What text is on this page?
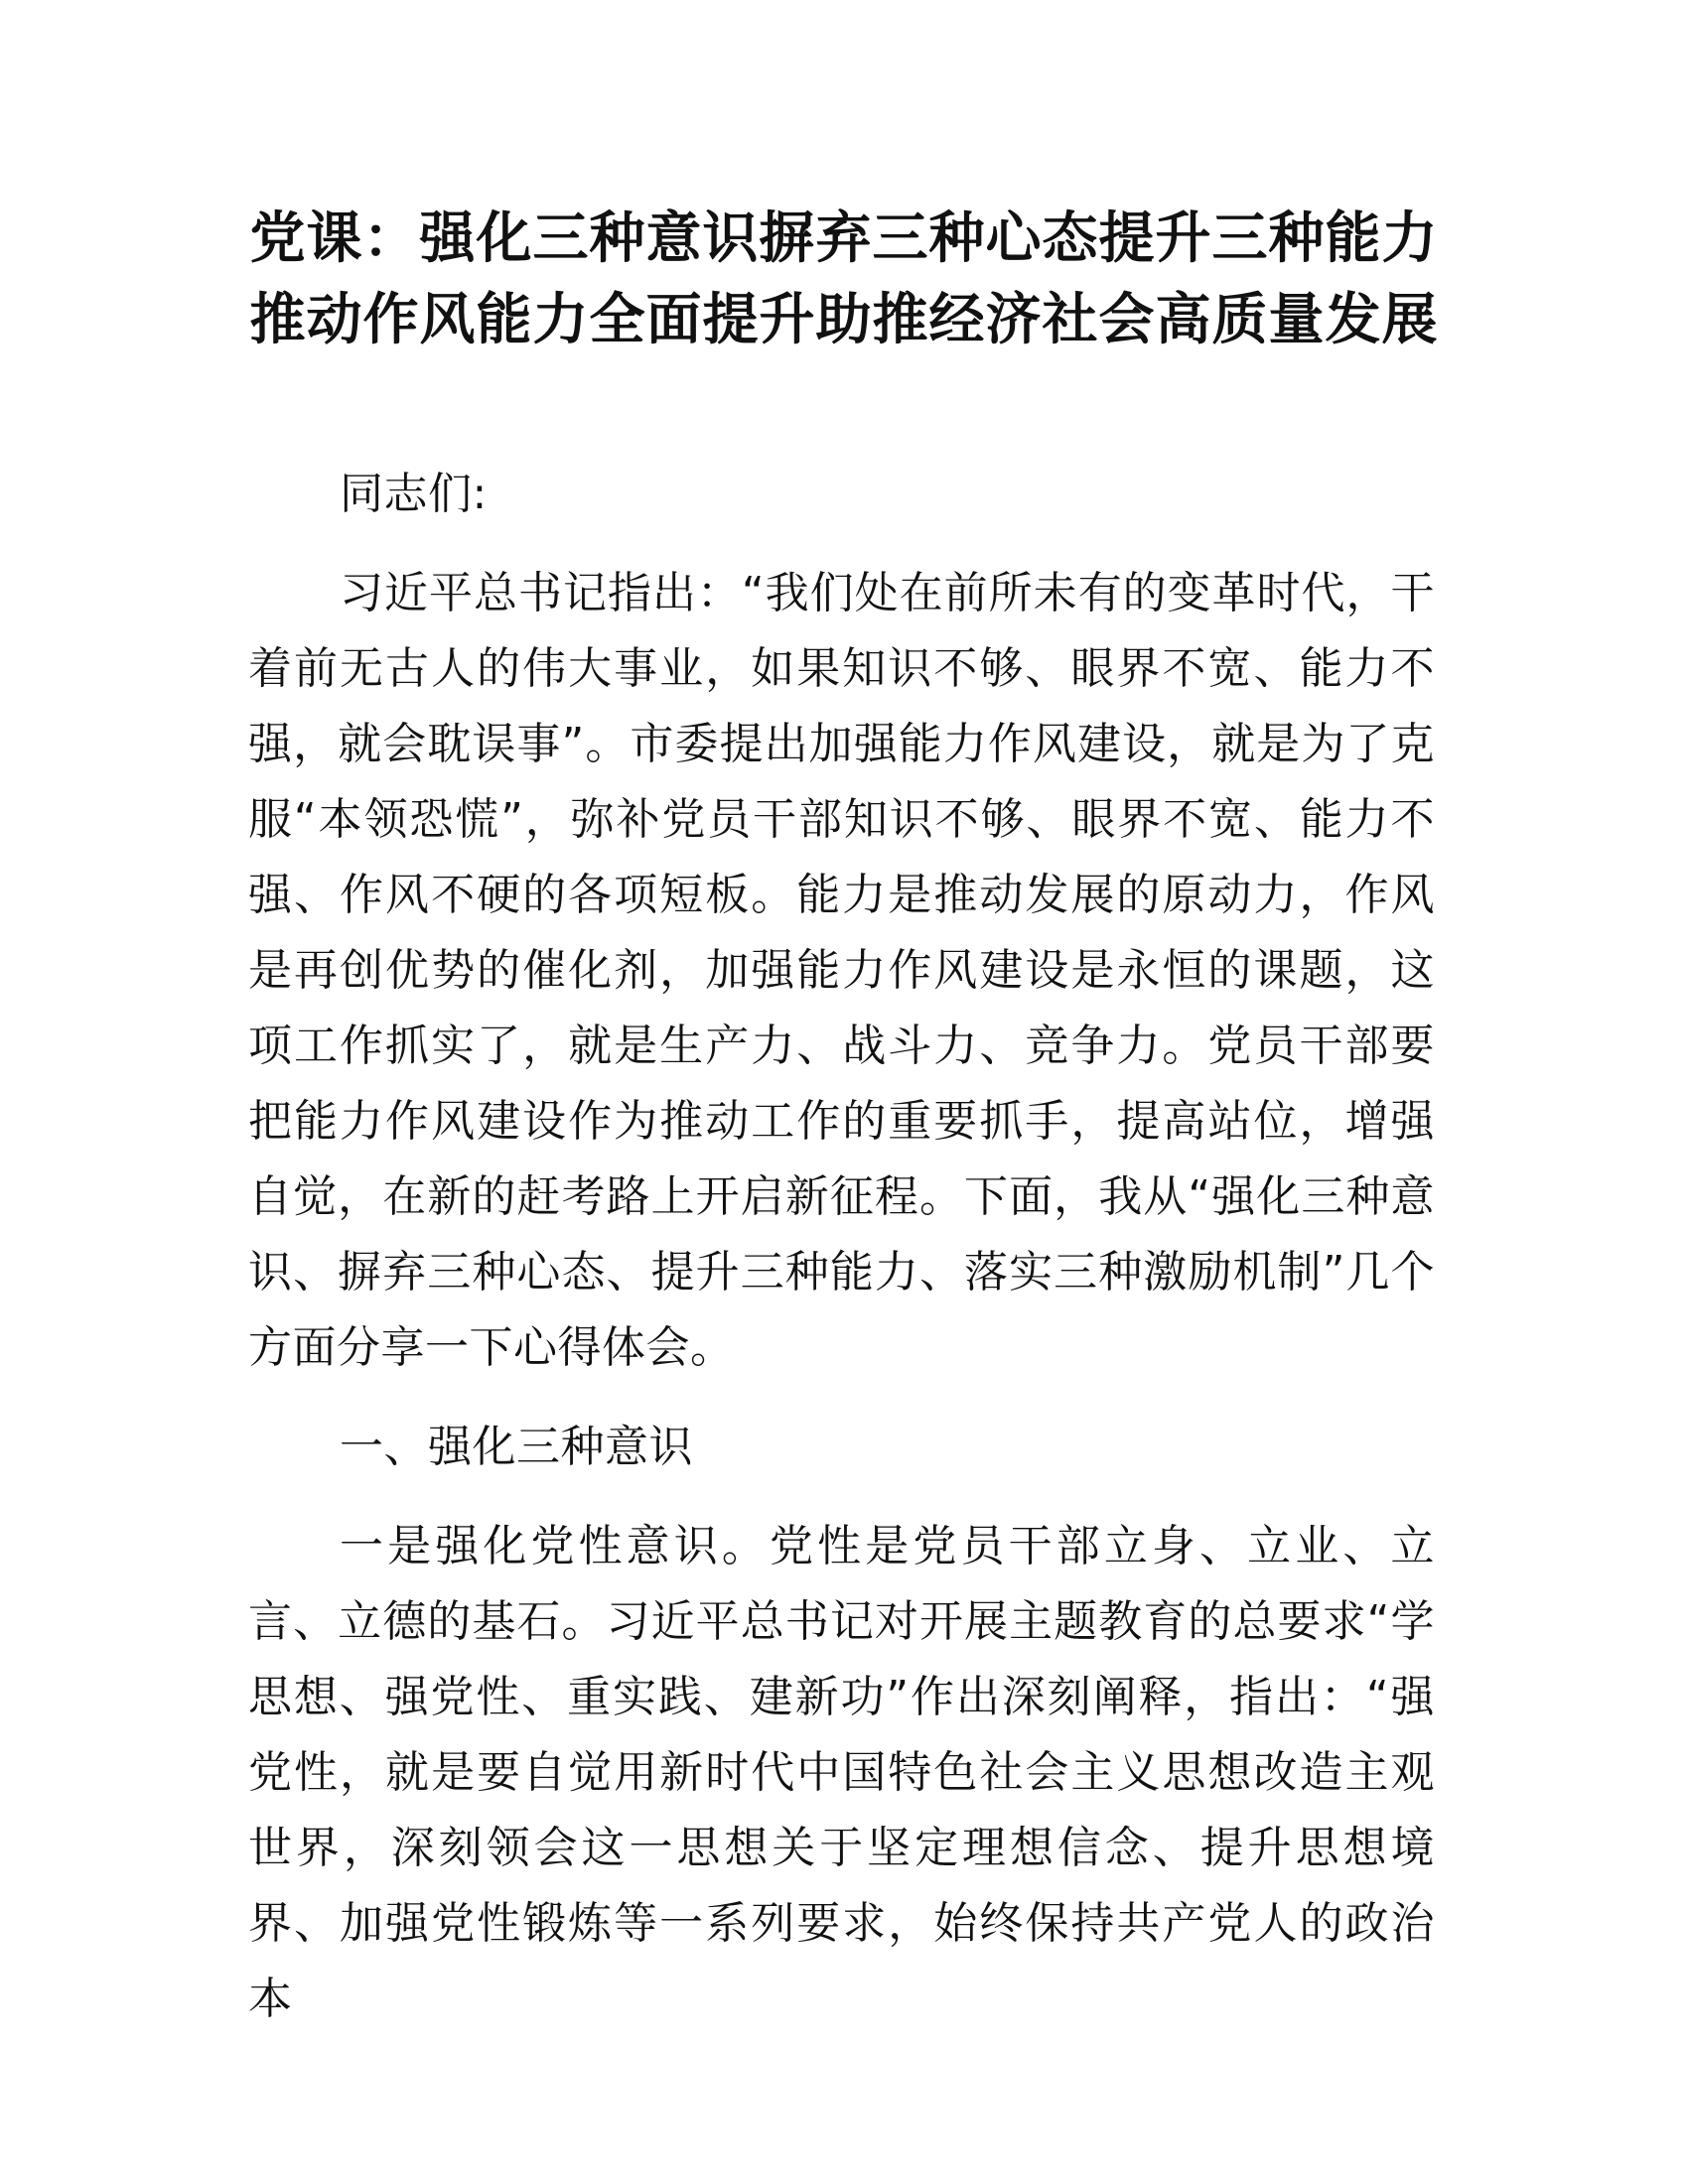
党课：强化三种意识摒弃三种心态提升三种能力推动作风能力全面提升助推经济社会高质量发展

同志们:

习近平总书记指出：“我们处在前所未有的变革时代，干着前无古人的伟大事业，如果知识不够、眼界不宽、能力不强，就会耽误事”。市委提出加强能力作风建设，就是为了克服“本领恐慌”，弥补党员干部知识不够、眼界不宽、能力不强、作风不硬的各项短板。能力是推动发展的原动力，作风是再创优势的催化剂，加强能力作风建设是永恒的课题，这项工作抓实了，就是生产力、战斗力、竞争力。党员干部要把能力作风建设作为推动工作的重要抓手，提高站位，增强自觉，在新的赶考路上开启新征程。下面，我从“强化三种意识、摒弃三种心态、提升三种能力、落实三种激励机制”几个方面分享一下心得体会。

一、强化三种意识

一是强化党性意识。党性是党员干部立身、立业、立言、立德的基石。习近平总书记对开展主题教育的总要求“学思想、强党性、重实践、建新功”作出深刻阐释，指出：“强党性，就是要自觉用新时代中国特色社会主义思想改造主观世界，深刻领会这一思想关于坚定理想信念、提升思想境界、加强党性锻炼等一系列要求，始终保持共产党人的政治本
